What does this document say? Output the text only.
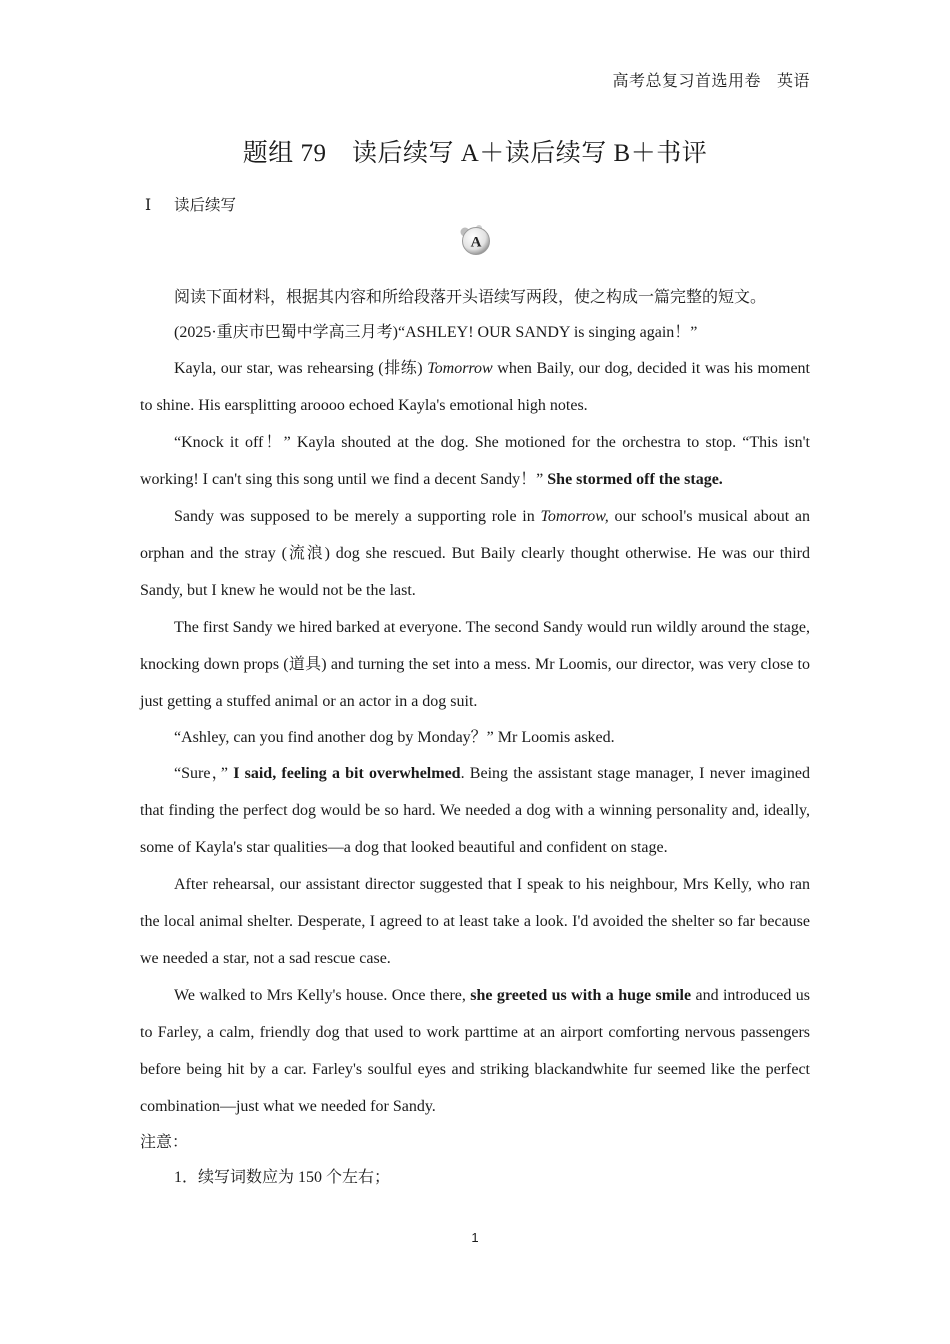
高考总复习首选用卷 英语
题组 79　读后续写 A＋读后续写 B＋书评
Ⅰ 读后续写
A

阅读下面材料，根据其内容和所给段落开头语续写两段，使之构成一篇完整的短文。

(2025·重庆市巴蜀中学高三月考)“ASHLEY! OUR SANDY is singing again！”

Kayla, our star, was rehearsing (排练) Tomorrow when Baily, our dog, decided it was his moment to shine. His earsplitting aroooo echoed Kayla's emotional high notes.

“Knock it off！” Kayla shouted at the dog. She motioned for the orchestra to stop. “This isn't working! I can't sing this song until we find a decent Sandy！” She stormed off the stage.

Sandy was supposed to be merely a supporting role in Tomorrow, our school's musical about an orphan and the stray (流浪) dog she rescued. But Baily clearly thought otherwise. He was our third Sandy, but I knew he would not be the last.

The first Sandy we hired barked at everyone. The second Sandy would run wildly around the stage, knocking down props (道具) and turning the set into a mess. Mr Loomis, our director, was very close to just getting a stuffed animal or an actor in a dog suit.

“Ashley, can you find another dog by Monday？” Mr Loomis asked.

“Sure，” I said, feeling a bit overwhelmed. Being the assistant stage manager, I never imagined that finding the perfect dog would be so hard. We needed a dog with a winning personality and, ideally, some of Kayla's star qualities—a dog that looked beautiful and confident on stage.

After rehearsal, our assistant director suggested that I speak to his neighbour, Mrs Kelly, who ran the local animal shelter. Desperate, I agreed to at least take a look. I'd avoided the shelter so far because we needed a star, not a sad rescue case.

We walked to Mrs Kelly's house. Once there, she greeted us with a huge smile and introduced us to Farley, a calm, friendly dog that used to work parttime at an airport comforting nervous passengers before being hit by a car. Farley's soulful eyes and striking blackandwhite fur seemed like the perfect combination—just what we needed for Sandy.

注意：

1．续写词数应为 150 个左右；

1
